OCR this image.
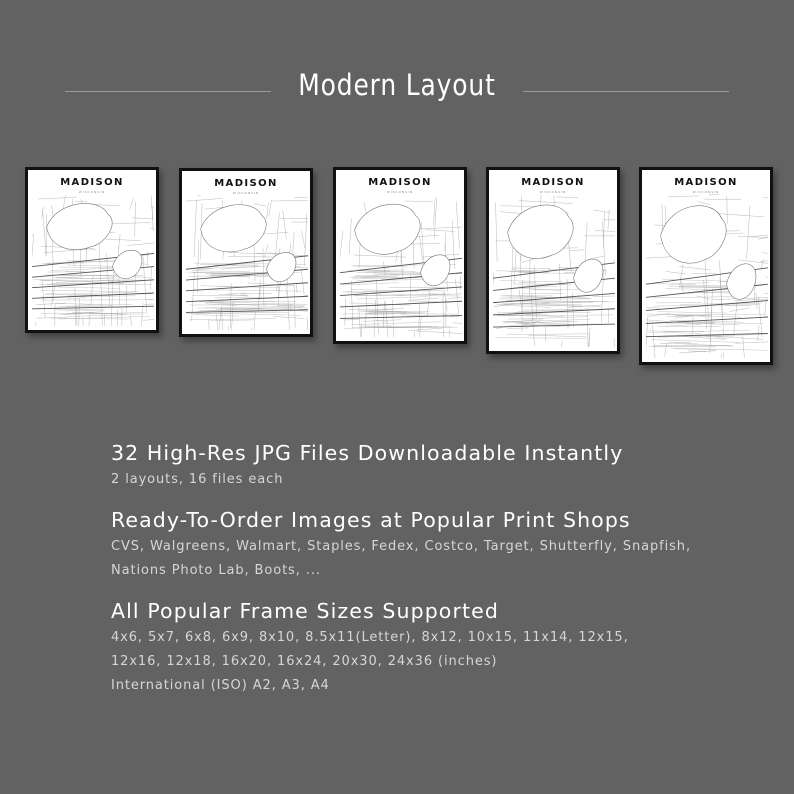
Modern Layout
MADISON
WISCONSIN
MADISON
WISCONSIN
MADISON
WISCONSIN
MADISON
WISCONSIN
MADISON
WISCONSIN

32 High-Res JPG Files Downloadable Instantly

2 layouts, 16 files each

Ready-To-Order Images at Popular Print Shops

CVS, Walgreens, Walmart, Staples, Fedex, Costco, Target, Shutterfly, Snapfish,

Nations Photo Lab, Boots, ...

All Popular Frame Sizes Supported

4x6, 5x7, 6x8, 6x9, 8x10, 8.5x11(Letter), 8x12, 10x15, 11x14, 12x15,

12x16, 12x18, 16x20, 16x24, 20x30, 24x36 (inches)

International (ISO) A2, A3, A4
